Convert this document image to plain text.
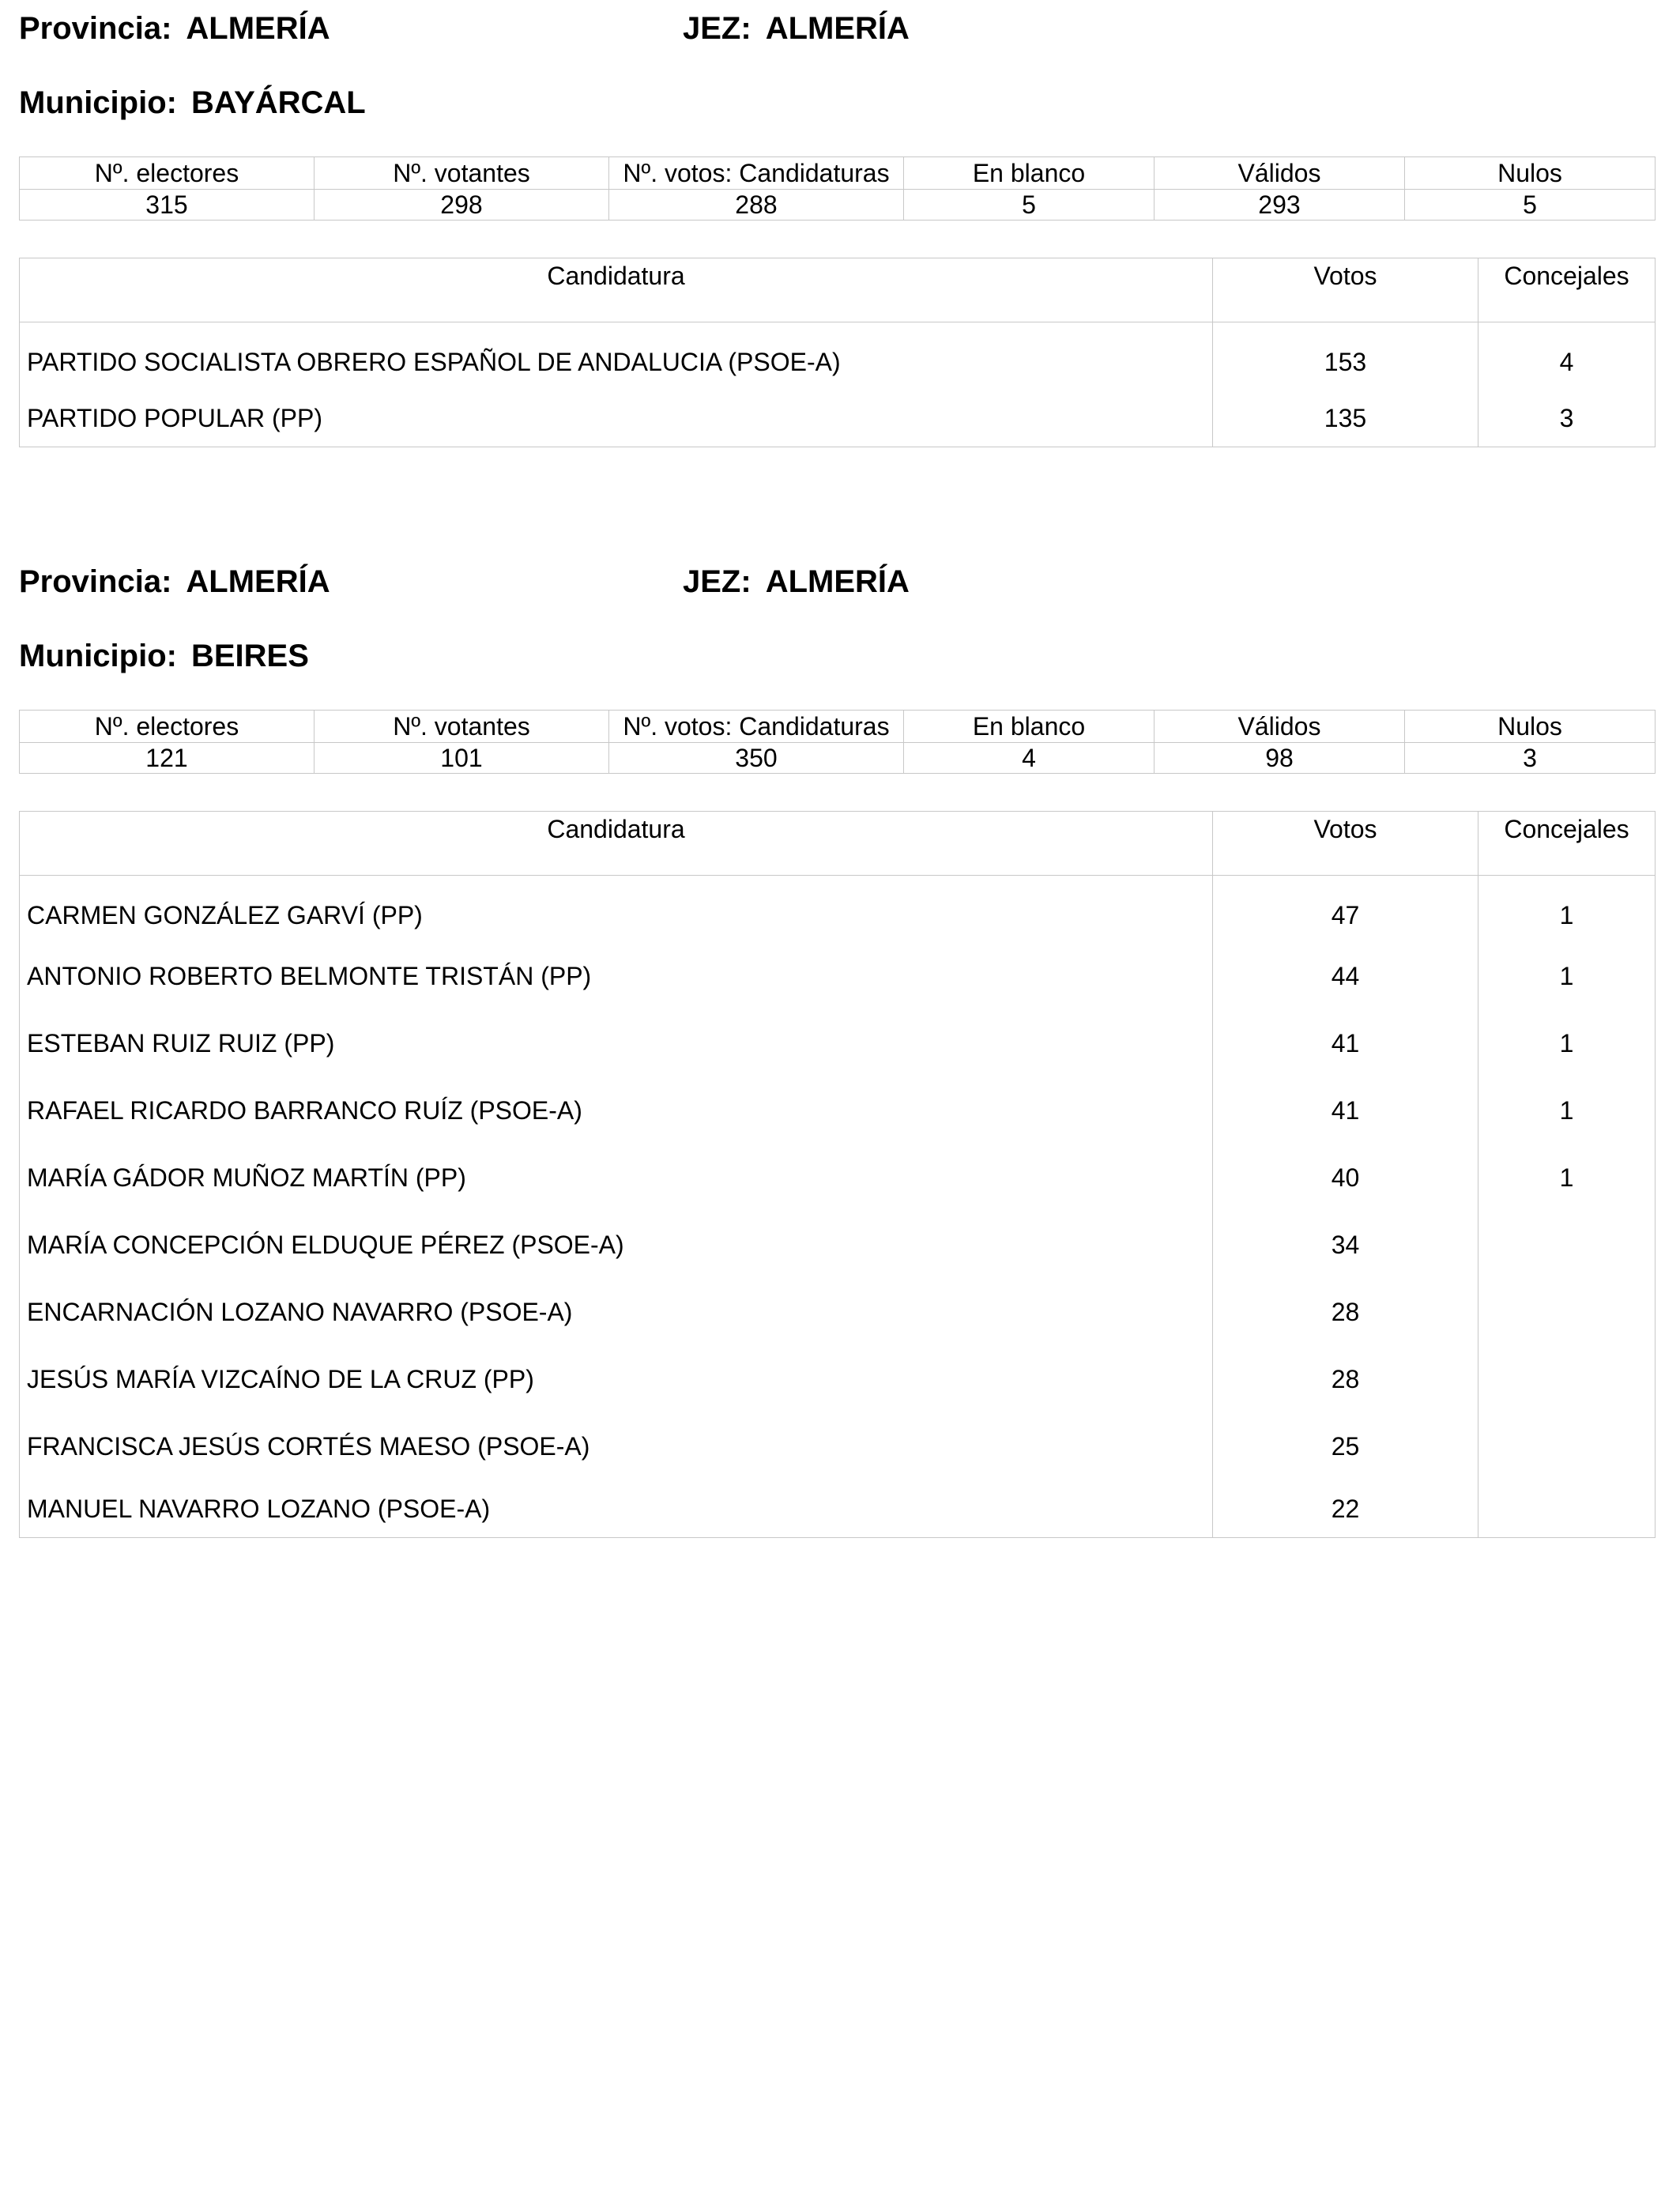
Provincia: ALMERÍA	JEZ: ALMERÍA
Municipio: BAYÁRCAL
Nº. electores	Nº. votantes	Nº. votos: Candidaturas	En blanco	Válidos	Nulos
315	298	288	5	293	5
Candidatura	Votos	Concejales
PARTIDO SOCIALISTA OBRERO ESPAÑOL DE ANDALUCIA (PSOE-A)	153	4
PARTIDO POPULAR (PP)	135	3
Provincia: ALMERÍA	JEZ: ALMERÍA
Municipio: BEIRES
Nº. electores	Nº. votantes	Nº. votos: Candidaturas	En blanco	Válidos	Nulos
121	101	350	4	98	3
Candidatura	Votos	Concejales
CARMEN GONZÁLEZ GARVÍ (PP)	47	1
ANTONIO ROBERTO BELMONTE TRISTÁN (PP)	44	1
ESTEBAN RUIZ RUIZ (PP)	41	1
RAFAEL RICARDO BARRANCO RUÍZ (PSOE-A)	41	1
MARÍA GÁDOR MUÑOZ MARTÍN (PP)	40	1
MARÍA CONCEPCIÓN ELDUQUE PÉREZ (PSOE-A)	34	
ENCARNACIÓN LOZANO NAVARRO (PSOE-A)	28	
JESÚS MARÍA VIZCAÍNO DE LA CRUZ (PP)	28	
FRANCISCA JESÚS CORTÉS MAESO (PSOE-A)	25	
MANUEL NAVARRO LOZANO (PSOE-A)	22	
